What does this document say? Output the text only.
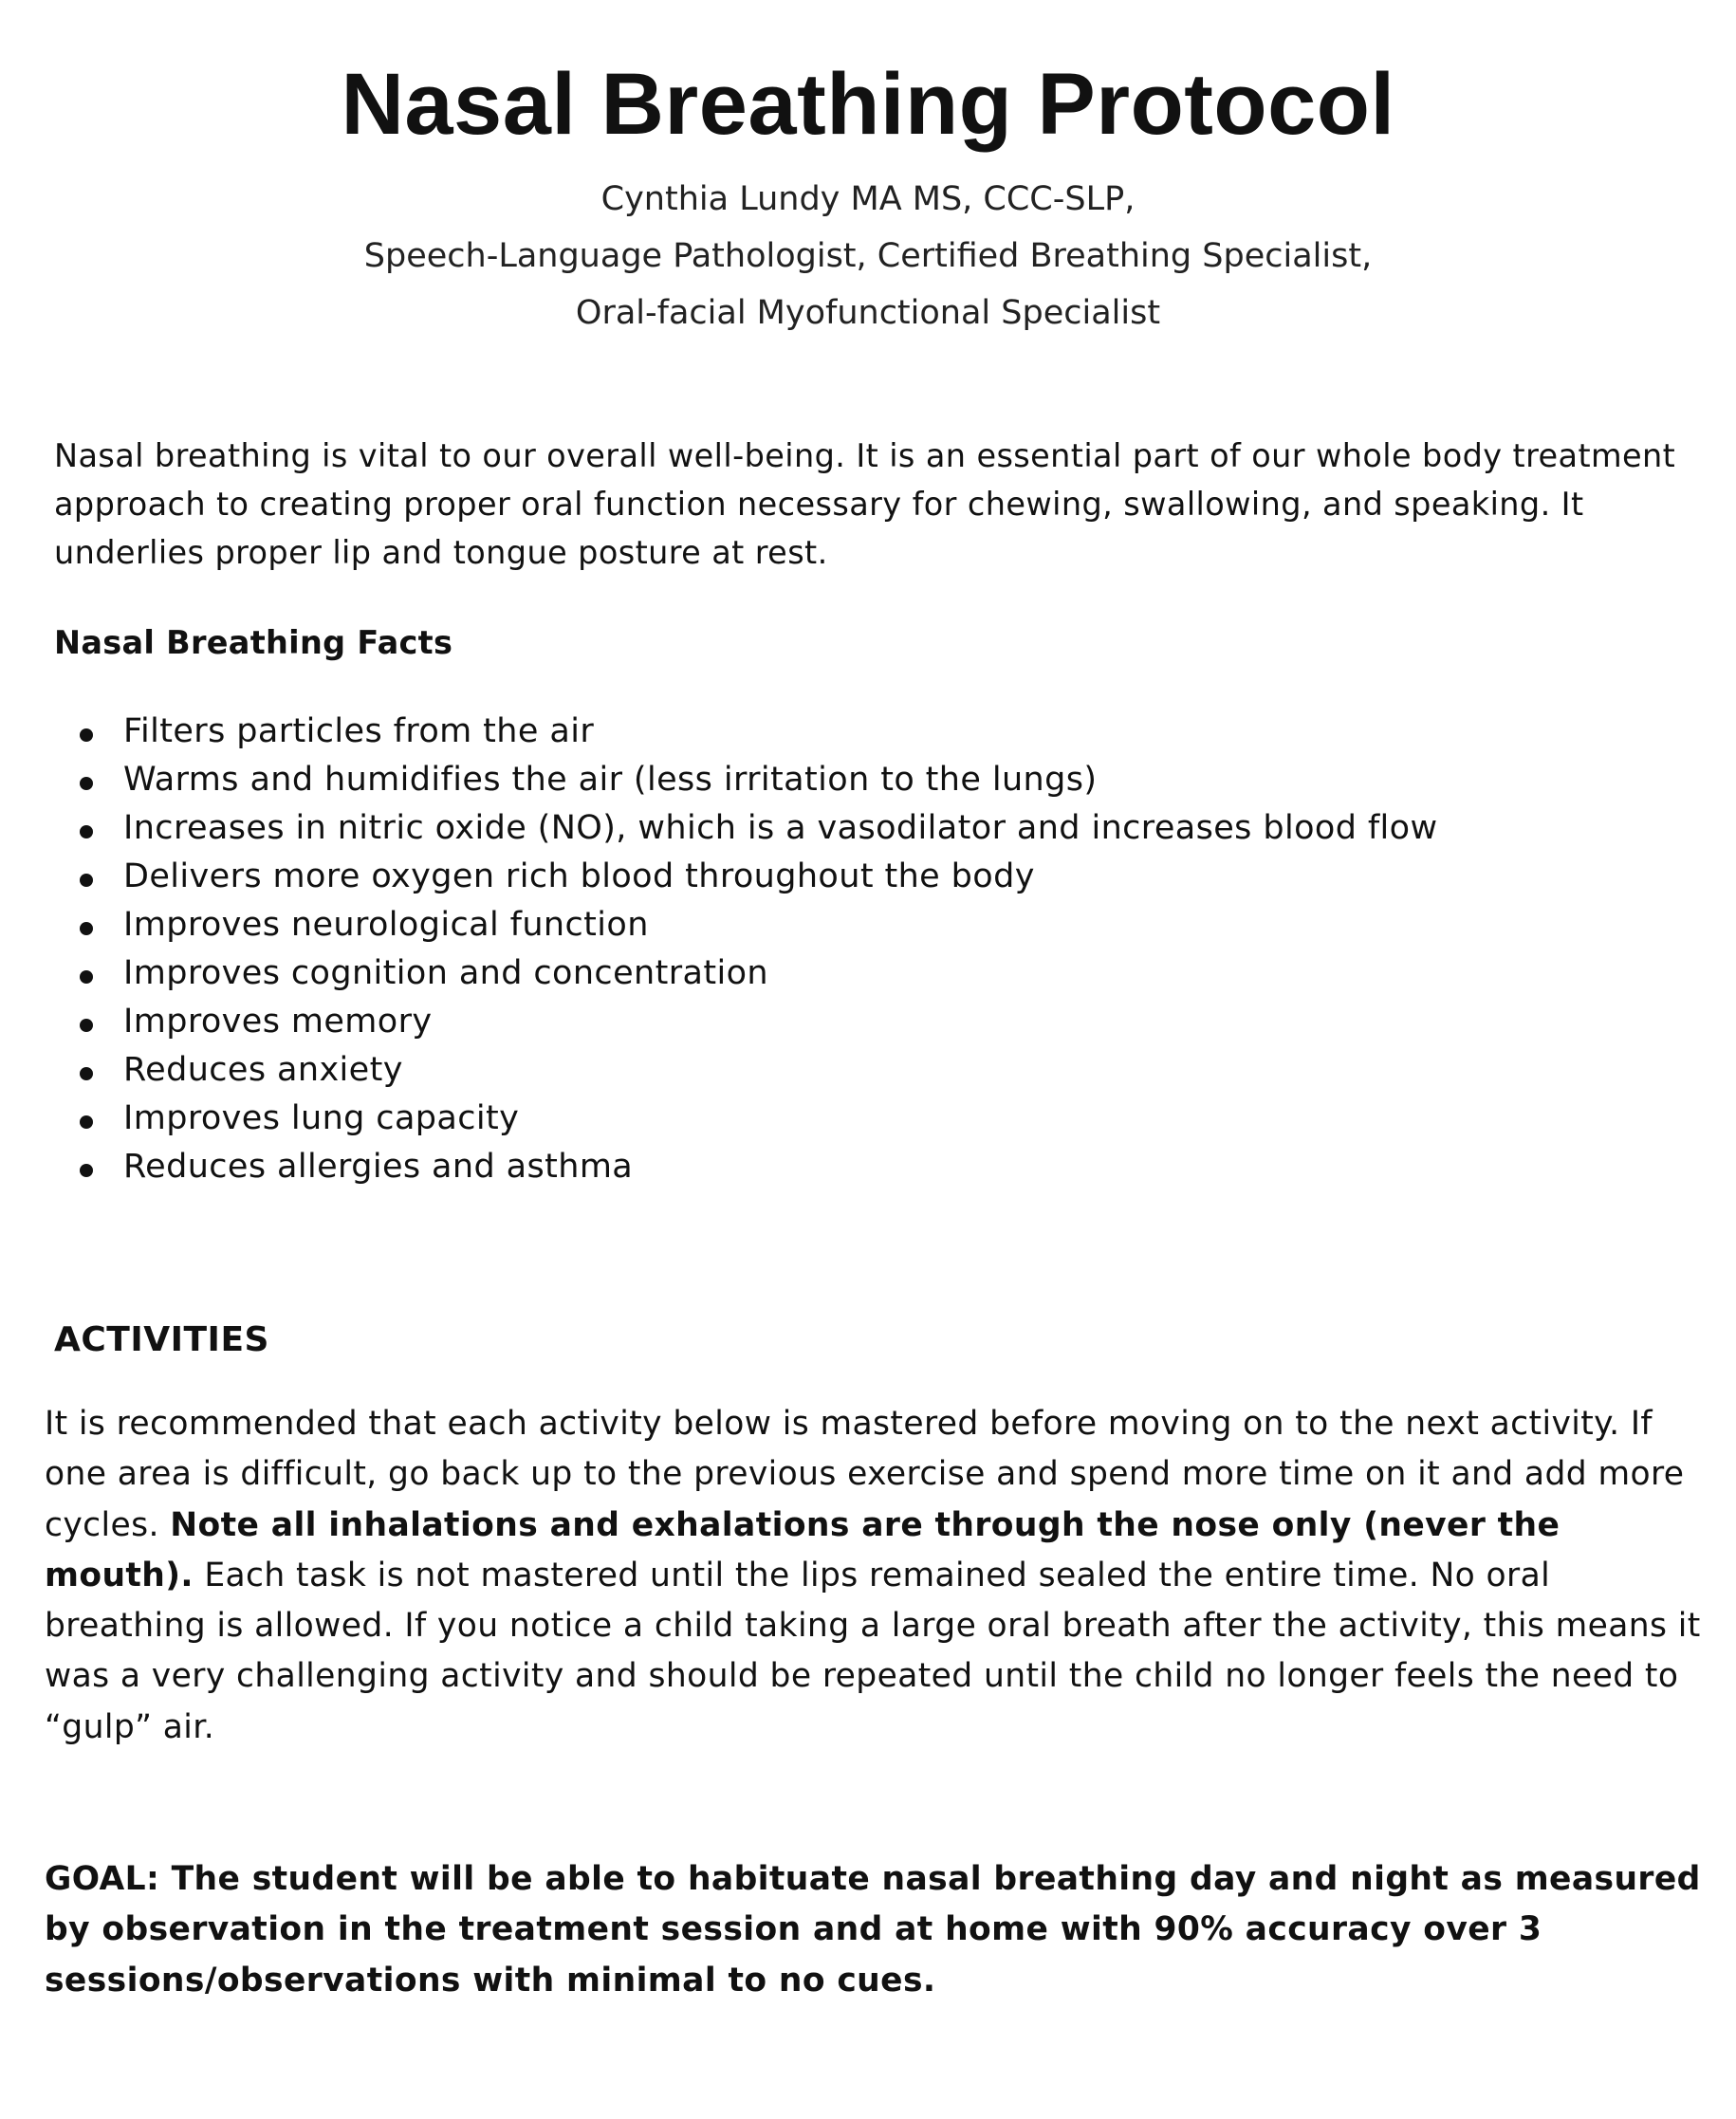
Nasal Breathing Protocol
Cynthia Lundy MA MS, CCC-SLP,
Speech-Language Pathologist, Certified Breathing Specialist,
Oral-facial Myofunctional Specialist

Nasal breathing is vital to our overall well-being. It is an essential part of our whole body treatment approach to creating proper oral function necessary for chewing, swallowing, and speaking. It underlies proper lip and tongue posture at rest.

Nasal Breathing Facts
Filters particles from the air
Warms and humidifies the air (less irritation to the lungs)
Increases in nitric oxide (NO), which is a vasodilator and increases blood flow
Delivers more oxygen rich blood throughout the body
Improves neurological function
Improves cognition and concentration
Improves memory
Reduces anxiety
Improves lung capacity
Reduces allergies and asthma
ACTIVITIES

It is recommended that each activity below is mastered before moving on to the next activity. If one area is difficult, go back up to the previous exercise and spend more time on it and add more cycles. Note all inhalations and exhalations are through the nose only (never the mouth). Each task is not mastered until the lips remained sealed the entire time. No oral breathing is allowed. If you notice a child taking a large oral breath after the activity, this means it was a very challenging activity and should be repeated until the child no longer feels the need to “gulp” air.

GOAL: The student will be able to habituate nasal breathing day and night as measured by observation in the treatment session and at home with 90% accuracy over 3 sessions/observations with minimal to no cues.
